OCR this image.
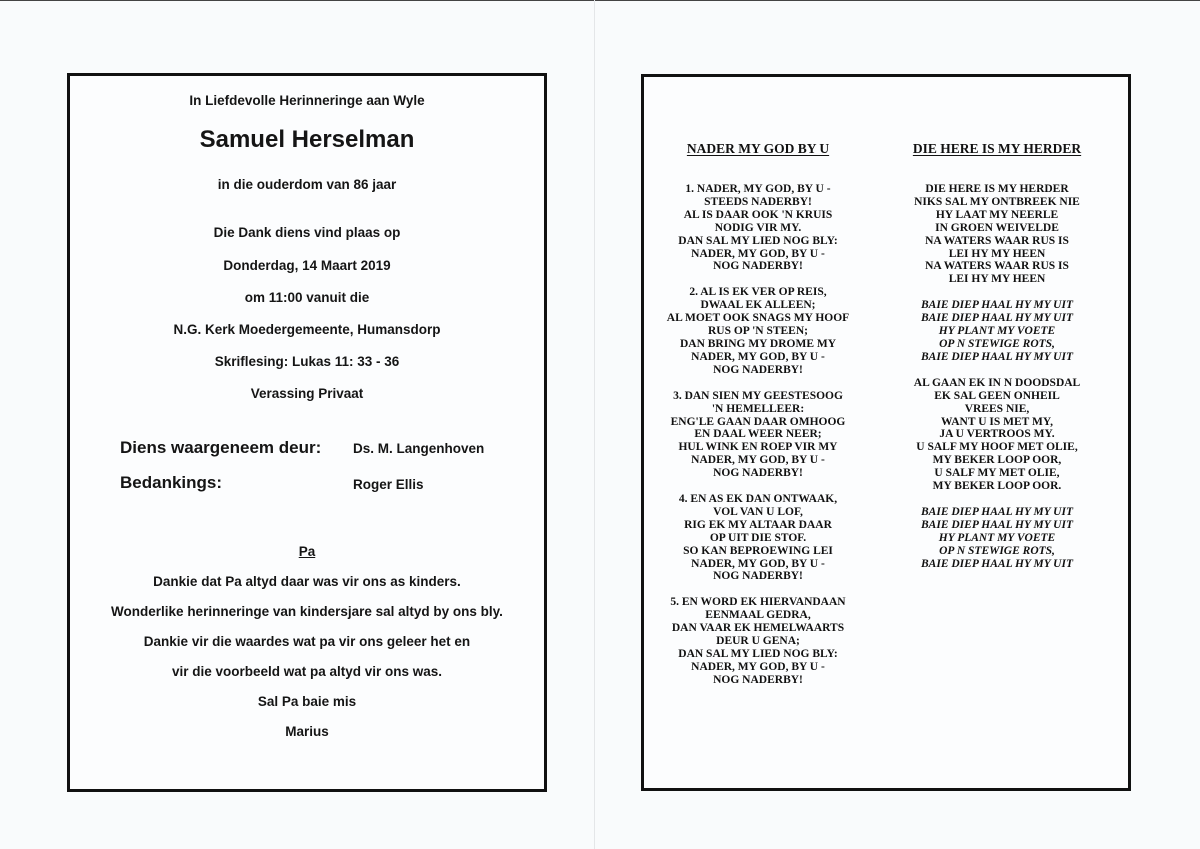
In Liefdevolle Herinneringe aan Wyle
Samuel Herselman
in die ouderdom van 86 jaar
Die Dank diens vind plaas op
Donderdag, 14 Maart 2019
om 11:00 vanuit die
N.G. Kerk Moedergemeente, Humansdorp
Skriflesing: Lukas 11: 33 - 36
Verassing Privaat
Diens waargeneem deur: Ds. M. Langenhoven
Bedankings:	Roger Ellis
Pa
Dankie dat Pa altyd daar was vir ons as kinders.
Wonderlike herinneringe van kindersjare sal altyd by ons bly.
Dankie vir die waardes wat pa vir ons geleer het en
vir die voorbeeld wat pa altyd vir ons was.
Sal Pa baie mis
Marius
NADER MY GOD BY U
1. NADER, MY GOD, BY U -
STEEDS NADERBY!
AL IS DAAR OOK 'N KRUIS
NODIG VIR MY.
DAN SAL MY LIED NOG BLY:
NADER, MY GOD, BY U -
NOG NADERBY!
2. AL IS EK VER OP REIS,
DWAAL EK ALLEEN;
AL MOET OOK SNAGS MY HOOF
RUS OP 'N STEEN;
DAN BRING MY DROME MY
NADER, MY GOD, BY U -
NOG NADERBY!
3. DAN SIEN MY GEESTESOOG
'N HEMELLEER:
ENG'LE GAAN DAAR OMHOOG
EN DAAL WEER NEER;
HUL WINK EN ROEP VIR MY
NADER, MY GOD, BY U -
NOG NADERBY!
4. EN AS EK DAN ONTWAAK,
VOL VAN U LOF,
RIG EK MY ALTAAR DAAR
OP UIT DIE STOF.
SO KAN BEPROEWING LEI
NADER, MY GOD, BY U -
NOG NADERBY!
5. EN WORD EK HIERVANDAAN
EENMAAL GEDRA,
DAN VAAR EK HEMELWAARTS
DEUR U GENA;
DAN SAL MY LIED NOG BLY:
NADER, MY GOD, BY U -
NOG NADERBY!
DIE HERE IS MY HERDER
DIE HERE IS MY HERDER
NIKS SAL MY ONTBREEK NIE
HY LAAT MY NEERLE
IN GROEN WEIVELDE
NA WATERS WAAR RUS IS
LEI HY MY HEEN
NA WATERS WAAR RUS IS
LEI HY MY HEEN
BAIE DIEP HAAL HY MY UIT
BAIE DIEP HAAL HY MY UIT
HY PLANT MY VOETE
OP N STEWIGE ROTS,
BAIE DIEP HAAL HY MY UIT
AL GAAN EK IN N DOODSDAL
EK SAL GEEN ONHEIL
VREES NIE,
WANT U IS MET MY,
JA U VERTROOS MY.
U SALF MY HOOF MET OLIE,
MY BEKER LOOP OOR,
U SALF MY MET OLIE,
MY BEKER LOOP OOR.
BAIE DIEP HAAL HY MY UIT
BAIE DIEP HAAL HY MY UIT
HY PLANT MY VOETE
OP N STEWIGE ROTS,
BAIE DIEP HAAL HY MY UIT
